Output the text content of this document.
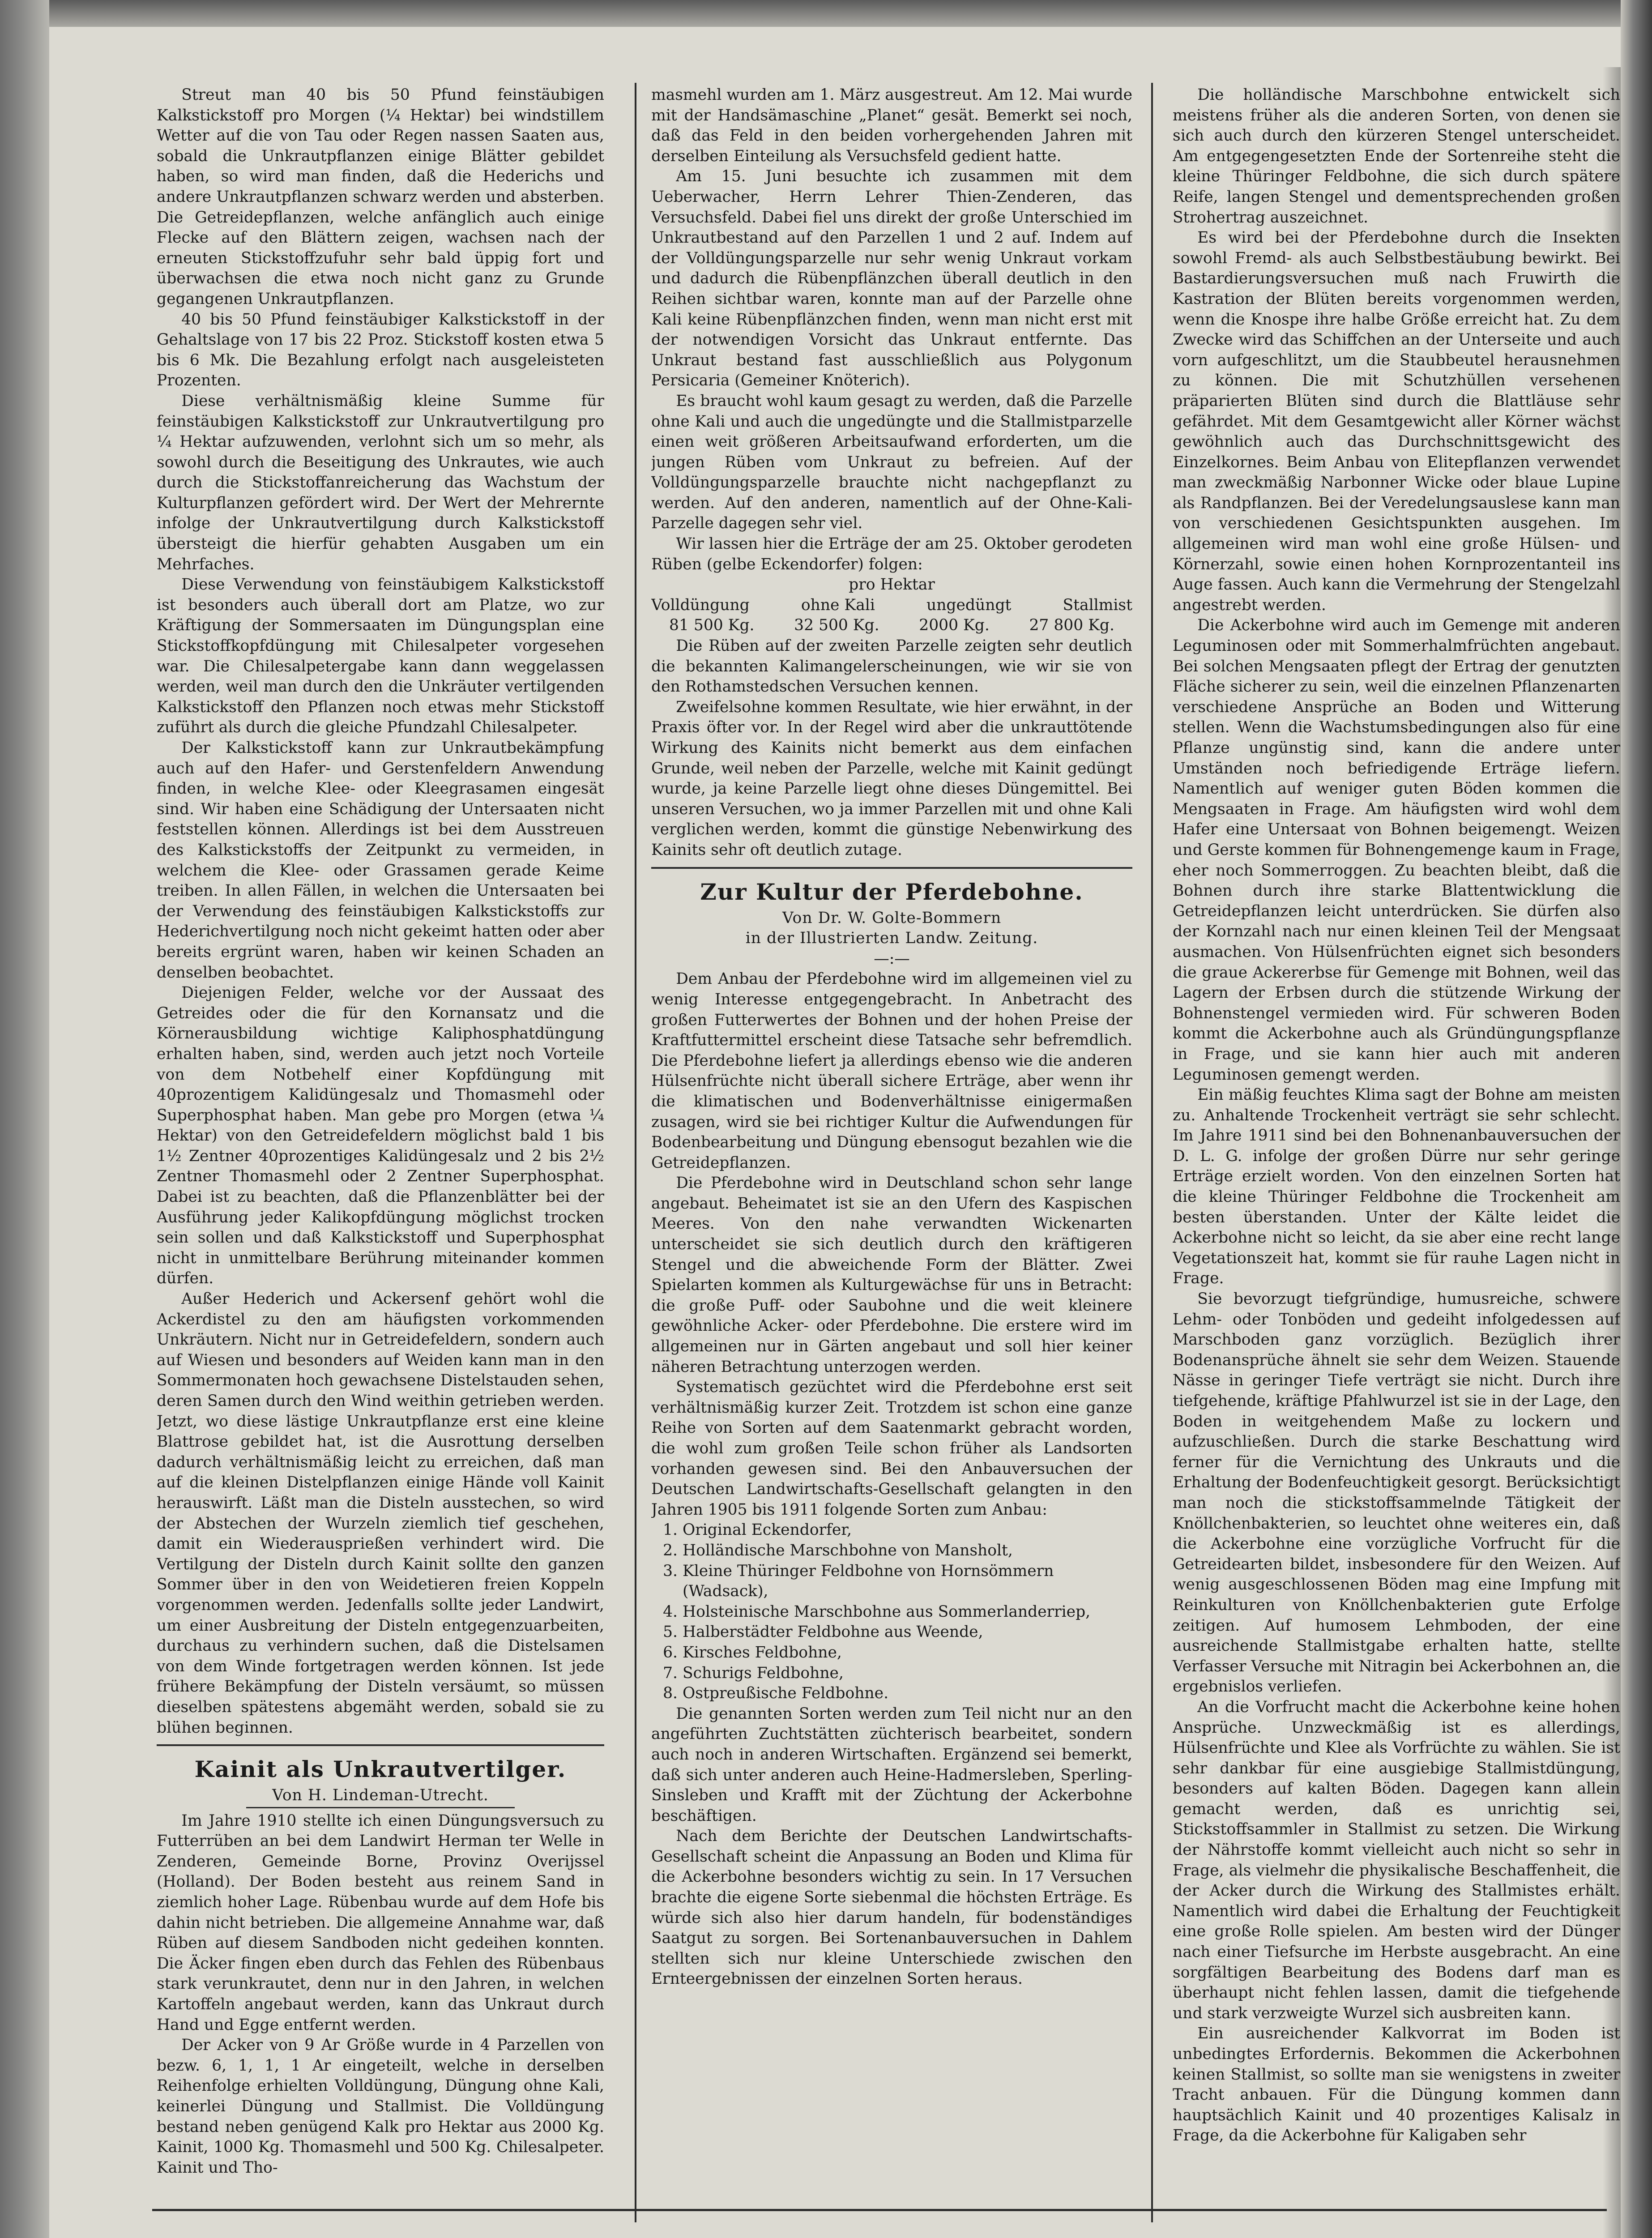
Streut man 40 bis 50 Pfund feinstäubigen Kalkstickstoff pro Morgen (¼ Hektar) bei windstillem Wetter auf die von Tau oder Regen nassen Saaten aus, sobald die Unkrautpflanzen einige Blätter gebildet haben, so wird man finden, daß die Hederichs und andere Unkrautpflanzen schwarz werden und absterben. Die Getreidepflanzen, welche anfänglich auch einige Flecke auf den Blättern zeigen, wachsen nach der erneuten Stickstoffzufuhr sehr bald üppig fort und überwachsen die etwa noch nicht ganz zu Grunde gegangenen Unkrautpflanzen.

40 bis 50 Pfund feinstäubiger Kalkstickstoff in der Gehaltslage von 17 bis 22 Proz. Stickstoff kosten etwa 5 bis 6 Mk. Die Bezahlung erfolgt nach ausgeleisteten Prozenten.

Diese verhältnismäßig kleine Summe für feinstäubigen Kalkstickstoff zur Unkrautvertilgung pro ¼ Hektar aufzuwenden, verlohnt sich um so mehr, als sowohl durch die Beseitigung des Unkrautes, wie auch durch die Stickstoffanreicherung das Wachstum der Kulturpflanzen gefördert wird. Der Wert der Mehrernte infolge der Unkrautvertilgung durch Kalkstickstoff übersteigt die hierfür gehabten Ausgaben um ein Mehrfaches.

Diese Verwendung von feinstäubigem Kalkstickstoff ist besonders auch überall dort am Platze, wo zur Kräftigung der Sommersaaten im Düngungsplan eine Stickstoffkopfdüngung mit Chilesalpeter vorgesehen war. Die Chilesalpetergabe kann dann weggelassen werden, weil man durch den die Unkräuter vertilgenden Kalkstickstoff den Pflanzen noch etwas mehr Stickstoff zuführt als durch die gleiche Pfundzahl Chilesalpeter.

Der Kalkstickstoff kann zur Unkrautbekämpfung auch auf den Hafer- und Gerstenfeldern Anwendung finden, in welche Klee- oder Kleegrasamen eingesät sind. Wir haben eine Schädigung der Untersaaten nicht feststellen können. Allerdings ist bei dem Ausstreuen des Kalkstickstoffs der Zeitpunkt zu vermeiden, in welchem die Klee- oder Grassamen gerade Keime treiben. In allen Fällen, in welchen die Untersaaten bei der Verwendung des feinstäubigen Kalkstickstoffs zur Hederichvertilgung noch nicht gekeimt hatten oder aber bereits ergrünt waren, haben wir keinen Schaden an denselben beobachtet.

Diejenigen Felder, welche vor der Aussaat des Getreides oder die für den Kornansatz und die Körnerausbildung wichtige Kaliphosphatdüngung erhalten haben, sind, werden auch jetzt noch Vorteile von dem Notbehelf einer Kopfdüngung mit 40prozentigem Kalidüngesalz und Thomasmehl oder Superphosphat haben. Man gebe pro Morgen (etwa ¼ Hektar) von den Getreidefeldern möglichst bald 1 bis 1½ Zentner 40prozentiges Kalidüngesalz und 2 bis 2½ Zentner Thomasmehl oder 2 Zentner Superphosphat. Dabei ist zu beachten, daß die Pflanzenblätter bei der Ausführung jeder Kalikopfdüngung möglichst trocken sein sollen und daß Kalkstickstoff und Superphosphat nicht in unmittelbare Berührung miteinander kommen dürfen.

Außer Hederich und Ackersenf gehört wohl die Ackerdistel zu den am häufigsten vorkommenden Unkräutern. Nicht nur in Getreidefeldern, sondern auch auf Wiesen und besonders auf Weiden kann man in den Sommermonaten hoch gewachsene Distelstauden sehen, deren Samen durch den Wind weithin getrieben werden. Jetzt, wo diese lästige Unkrautpflanze erst eine kleine Blattrose gebildet hat, ist die Ausrottung derselben dadurch verhältnismäßig leicht zu erreichen, daß man auf die kleinen Distelpflanzen einige Hände voll Kainit herauswirft. Läßt man die Disteln ausstechen, so wird der Abstechen der Wurzeln ziemlich tief geschehen, damit ein Wiederausprießen verhindert wird. Die Vertilgung der Disteln durch Kainit sollte den ganzen Sommer über in den von Weidetieren freien Koppeln vorgenommen werden. Jedenfalls sollte jeder Landwirt, um einer Ausbreitung der Disteln entgegenzuarbeiten, durchaus zu verhindern suchen, daß die Distelsamen von dem Winde fortgetragen werden können. Ist jede frühere Bekämpfung der Disteln versäumt, so müssen dieselben spätestens abgemäht werden, sobald sie zu blühen beginnen.

Kainit als Unkrautvertilger.

Von H. Lindeman-Utrecht.

Im Jahre 1910 stellte ich einen Düngungsversuch zu Futterrüben an bei dem Landwirt Herman ter Welle in Zenderen, Gemeinde Borne, Provinz Overijssel (Holland). Der Boden besteht aus reinem Sand in ziemlich hoher Lage. Rübenbau wurde auf dem Hofe bis dahin nicht betrieben. Die allgemeine Annahme war, daß Rüben auf diesem Sandboden nicht gedeihen konnten. Die Äcker fingen eben durch das Fehlen des Rübenbaus stark verunkrautet, denn nur in den Jahren, in welchen Kartoffeln angebaut werden, kann das Unkraut durch Hand und Egge entfernt werden.

Der Acker von 9 Ar Größe wurde in 4 Parzellen von bezw. 6, 1, 1, 1 Ar eingeteilt, welche in derselben Reihenfolge erhielten Volldüngung, Düngung ohne Kali, keinerlei Düngung und Stallmist. Die Volldüngung bestand neben genügend Kalk pro Hektar aus 2000 Kg. Kainit, 1000 Kg. Thomasmehl und 500 Kg. Chilesalpeter. Kainit und Tho-

masmehl wurden am 1. März ausgestreut. Am 12. Mai wurde mit der Handsämaschine „Planet“ gesät. Bemerkt sei noch, daß das Feld in den beiden vorhergehenden Jahren mit derselben Einteilung als Versuchsfeld gedient hatte.

Am 15. Juni besuchte ich zusammen mit dem Ueberwacher, Herrn Lehrer Thien-Zenderen, das Versuchsfeld. Dabei fiel uns direkt der große Unterschied im Unkrautbestand auf den Parzellen 1 und 2 auf. Indem auf der Volldüngungsparzelle nur sehr wenig Unkraut vorkam und dadurch die Rübenpflänzchen überall deutlich in den Reihen sichtbar waren, konnte man auf der Parzelle ohne Kali keine Rübenpflänzchen finden, wenn man nicht erst mit der notwendigen Vorsicht das Unkraut entfernte. Das Unkraut bestand fast ausschließlich aus Polygonum Persicaria (Gemeiner Knöterich).

Es braucht wohl kaum gesagt zu werden, daß die Parzelle ohne Kali und auch die ungedüngte und die Stallmistparzelle einen weit größeren Arbeitsaufwand erforderten, um die jungen Rüben vom Unkraut zu befreien. Auf der Volldüngungsparzelle brauchte nicht nachgepflanzt zu werden. Auf den anderen, namentlich auf der Ohne-Kali-Parzelle dagegen sehr viel.

Wir lassen hier die Erträge der am 25. Oktober gerodeten Rüben (gelbe Eckendorfer) folgen:

pro Hektar

Volldüngung	ohne Kali	ungedüngt	Stallmist
81 500 Kg.	32 500 Kg.	2000 Kg.	27 800 Kg.

Die Rüben auf der zweiten Parzelle zeigten sehr deutlich die bekannten Kalimangelerscheinungen, wie wir sie von den Rothamstedschen Versuchen kennen.

Zweifelsohne kommen Resultate, wie hier erwähnt, in der Praxis öfter vor. In der Regel wird aber die unkrauttötende Wirkung des Kainits nicht bemerkt aus dem einfachen Grunde, weil neben der Parzelle, welche mit Kainit gedüngt wurde, ja keine Parzelle liegt ohne dieses Düngemittel. Bei unseren Versuchen, wo ja immer Parzellen mit und ohne Kali verglichen werden, kommt die günstige Nebenwirkung des Kainits sehr oft deutlich zutage.

Zur Kultur der Pferdebohne.

Von Dr. W. Golte-Bommern

in der Illustrierten Landw. Zeitung.

—:—

Dem Anbau der Pferdebohne wird im allgemeinen viel zu wenig Interesse entgegengebracht. In Anbetracht des großen Futterwertes der Bohnen und der hohen Preise der Kraftfuttermittel erscheint diese Tatsache sehr befremdlich. Die Pferdebohne liefert ja allerdings ebenso wie die anderen Hülsenfrüchte nicht überall sichere Erträge, aber wenn ihr die klimatischen und Bodenverhältnisse einigermaßen zusagen, wird sie bei richtiger Kultur die Aufwendungen für Bodenbearbeitung und Düngung ebensogut bezahlen wie die Getreidepflanzen.

Die Pferdebohne wird in Deutschland schon sehr lange angebaut. Beheimatet ist sie an den Ufern des Kaspischen Meeres. Von den nahe verwandten Wickenarten unterscheidet sie sich deutlich durch den kräftigeren Stengel und die abweichende Form der Blätter. Zwei Spielarten kommen als Kulturgewächse für uns in Betracht: die große Puff- oder Saubohne und die weit kleinere gewöhnliche Acker- oder Pferdebohne. Die erstere wird im allgemeinen nur in Gärten angebaut und soll hier keiner näheren Betrachtung unterzogen werden.

Systematisch gezüchtet wird die Pferdebohne erst seit verhältnismäßig kurzer Zeit. Trotzdem ist schon eine ganze Reihe von Sorten auf dem Saatenmarkt gebracht worden, die wohl zum großen Teile schon früher als Landsorten vorhanden gewesen sind. Bei den Anbauversuchen der Deutschen Landwirtschafts-Gesellschaft gelangten in den Jahren 1905 bis 1911 folgende Sorten zum Anbau:

1. Original Eckendorfer,
2. Holländische Marschbohne von Mansholt,
3. Kleine Thüringer Feldbohne von Hornsömmern (Wadsack),
4. Holsteinische Marschbohne aus Sommerlanderriep,
5. Halberstädter Feldbohne aus Weende,
6. Kirsches Feldbohne,
7. Schurigs Feldbohne,
8. Ostpreußische Feldbohne.

Die genannten Sorten werden zum Teil nicht nur an den angeführten Zuchtstätten züchterisch bearbeitet, sondern auch noch in anderen Wirtschaften. Ergänzend sei bemerkt, daß sich unter anderen auch Heine-Hadmersleben, Sperling-Sinsleben und Krafft mit der Züchtung der Ackerbohne beschäftigen.

Nach dem Berichte der Deutschen Landwirtschafts-Gesellschaft scheint die Anpassung an Boden und Klima für die Ackerbohne besonders wichtig zu sein. In 17 Versuchen brachte die eigene Sorte siebenmal die höchsten Erträge. Es würde sich also hier darum handeln, für bodenständiges Saatgut zu sorgen. Bei Sortenanbauversuchen in Dahlem stellten sich nur kleine Unterschiede zwischen den Ernteergebnissen der einzelnen Sorten heraus.

Die holländische Marschbohne entwickelt sich meistens früher als die anderen Sorten, von denen sie sich auch durch den kürzeren Stengel unterscheidet. Am entgegengesetzten Ende der Sortenreihe steht die kleine Thüringer Feldbohne, die sich durch spätere Reife, langen Stengel und dementsprechenden großen Strohertrag auszeichnet.

Es wird bei der Pferdebohne durch die Insekten sowohl Fremd- als auch Selbstbestäubung bewirkt. Bei Bastardierungsversuchen muß nach Fruwirth die Kastration der Blüten bereits vorgenommen werden, wenn die Knospe ihre halbe Größe erreicht hat. Zu dem Zwecke wird das Schiffchen an der Unterseite und auch vorn aufgeschlitzt, um die Staubbeutel herausnehmen zu können. Die mit Schutzhüllen versehenen präparierten Blüten sind durch die Blattläuse sehr gefährdet. Mit dem Gesamtgewicht aller Körner wächst gewöhnlich auch das Durchschnittsgewicht des Einzelkornes. Beim Anbau von Elitepflanzen verwendet man zweckmäßig Narbonner Wicke oder blaue Lupine als Randpflanzen. Bei der Veredelungsauslese kann man von verschiedenen Gesichtspunkten ausgehen. Im allgemeinen wird man wohl eine große Hülsen- und Körnerzahl, sowie einen hohen Kornprozentanteil ins Auge fassen. Auch kann die Vermehrung der Stengelzahl angestrebt werden.

Die Ackerbohne wird auch im Gemenge mit anderen Leguminosen oder mit Sommerhalmfrüchten angebaut. Bei solchen Mengsaaten pflegt der Ertrag der genutzten Fläche sicherer zu sein, weil die einzelnen Pflanzenarten verschiedene Ansprüche an Boden und Witterung stellen. Wenn die Wachstumsbedingungen also für eine Pflanze ungünstig sind, kann die andere unter Umständen noch befriedigende Erträge liefern. Namentlich auf weniger guten Böden kommen die Mengsaaten in Frage. Am häufigsten wird wohl dem Hafer eine Untersaat von Bohnen beigemengt. Weizen und Gerste kommen für Bohnengemenge kaum in Frage, eher noch Sommerroggen. Zu beachten bleibt, daß die Bohnen durch ihre starke Blattentwicklung die Getreidepflanzen leicht unterdrücken. Sie dürfen also der Kornzahl nach nur einen kleinen Teil der Mengsaat ausmachen. Von Hülsenfrüchten eignet sich besonders die graue Ackererbse für Gemenge mit Bohnen, weil das Lagern der Erbsen durch die stützende Wirkung der Bohnenstengel vermieden wird. Für schweren Boden kommt die Ackerbohne auch als Gründüngungspflanze in Frage, und sie kann hier auch mit anderen Leguminosen gemengt werden.

Ein mäßig feuchtes Klima sagt der Bohne am meisten zu. Anhaltende Trockenheit verträgt sie sehr schlecht. Im Jahre 1911 sind bei den Bohnenanbauversuchen der D. L. G. infolge der großen Dürre nur sehr geringe Erträge erzielt worden. Von den einzelnen Sorten hat die kleine Thüringer Feldbohne die Trockenheit am besten überstanden. Unter der Kälte leidet die Ackerbohne nicht so leicht, da sie aber eine recht lange Vegetationszeit hat, kommt sie für rauhe Lagen nicht in Frage.

Sie bevorzugt tiefgründige, humusreiche, schwere Lehm- oder Tonböden und gedeiht infolgedessen auf Marschboden ganz vorzüglich. Bezüglich ihrer Bodenansprüche ähnelt sie sehr dem Weizen. Stauende Nässe in geringer Tiefe verträgt sie nicht. Durch ihre tiefgehende, kräftige Pfahlwurzel ist sie in der Lage, den Boden in weitgehendem Maße zu lockern und aufzuschließen. Durch die starke Beschattung wird ferner für die Vernichtung des Unkrauts und die Erhaltung der Bodenfeuchtigkeit gesorgt. Berücksichtigt man noch die stickstoffsammelnde Tätigkeit der Knöllchenbakterien, so leuchtet ohne weiteres ein, daß die Ackerbohne eine vorzügliche Vorfrucht für die Getreidearten bildet, insbesondere für den Weizen. Auf wenig ausgeschlossenen Böden mag eine Impfung mit Reinkulturen von Knöllchenbakterien gute Erfolge zeitigen. Auf humosem Lehmboden, der eine ausreichende Stallmistgabe erhalten hatte, stellte Verfasser Versuche mit Nitragin bei Ackerbohnen an, die ergebnislos verliefen.

An die Vorfrucht macht die Ackerbohne keine hohen Ansprüche. Unzweckmäßig ist es allerdings, Hülsenfrüchte und Klee als Vorfrüchte zu wählen. Sie ist sehr dankbar für eine ausgiebige Stallmistdüngung, besonders auf kalten Böden. Dagegen kann allein gemacht werden, daß es unrichtig sei, Stickstoffsammler in Stallmist zu setzen. Die Wirkung der Nährstoffe kommt vielleicht auch nicht so sehr in Frage, als vielmehr die physikalische Beschaffenheit, die der Acker durch die Wirkung des Stallmistes erhält. Namentlich wird dabei die Erhaltung der Feuchtigkeit eine große Rolle spielen. Am besten wird der Dünger nach einer Tiefsurche im Herbste ausgebracht. An eine sorgfältigen Bearbeitung des Bodens darf man es überhaupt nicht fehlen lassen, damit die tiefgehende und stark verzweigte Wurzel sich ausbreiten kann.

Ein ausreichender Kalkvorrat im Boden ist unbedingtes Erfordernis. Bekommen die Ackerbohnen keinen Stallmist, so sollte man sie wenigstens in zweiter Tracht anbauen. Für die Düngung kommen dann hauptsächlich Kainit und 40 prozentiges Kalisalz in Frage, da die Ackerbohne für Kaligaben sehr
